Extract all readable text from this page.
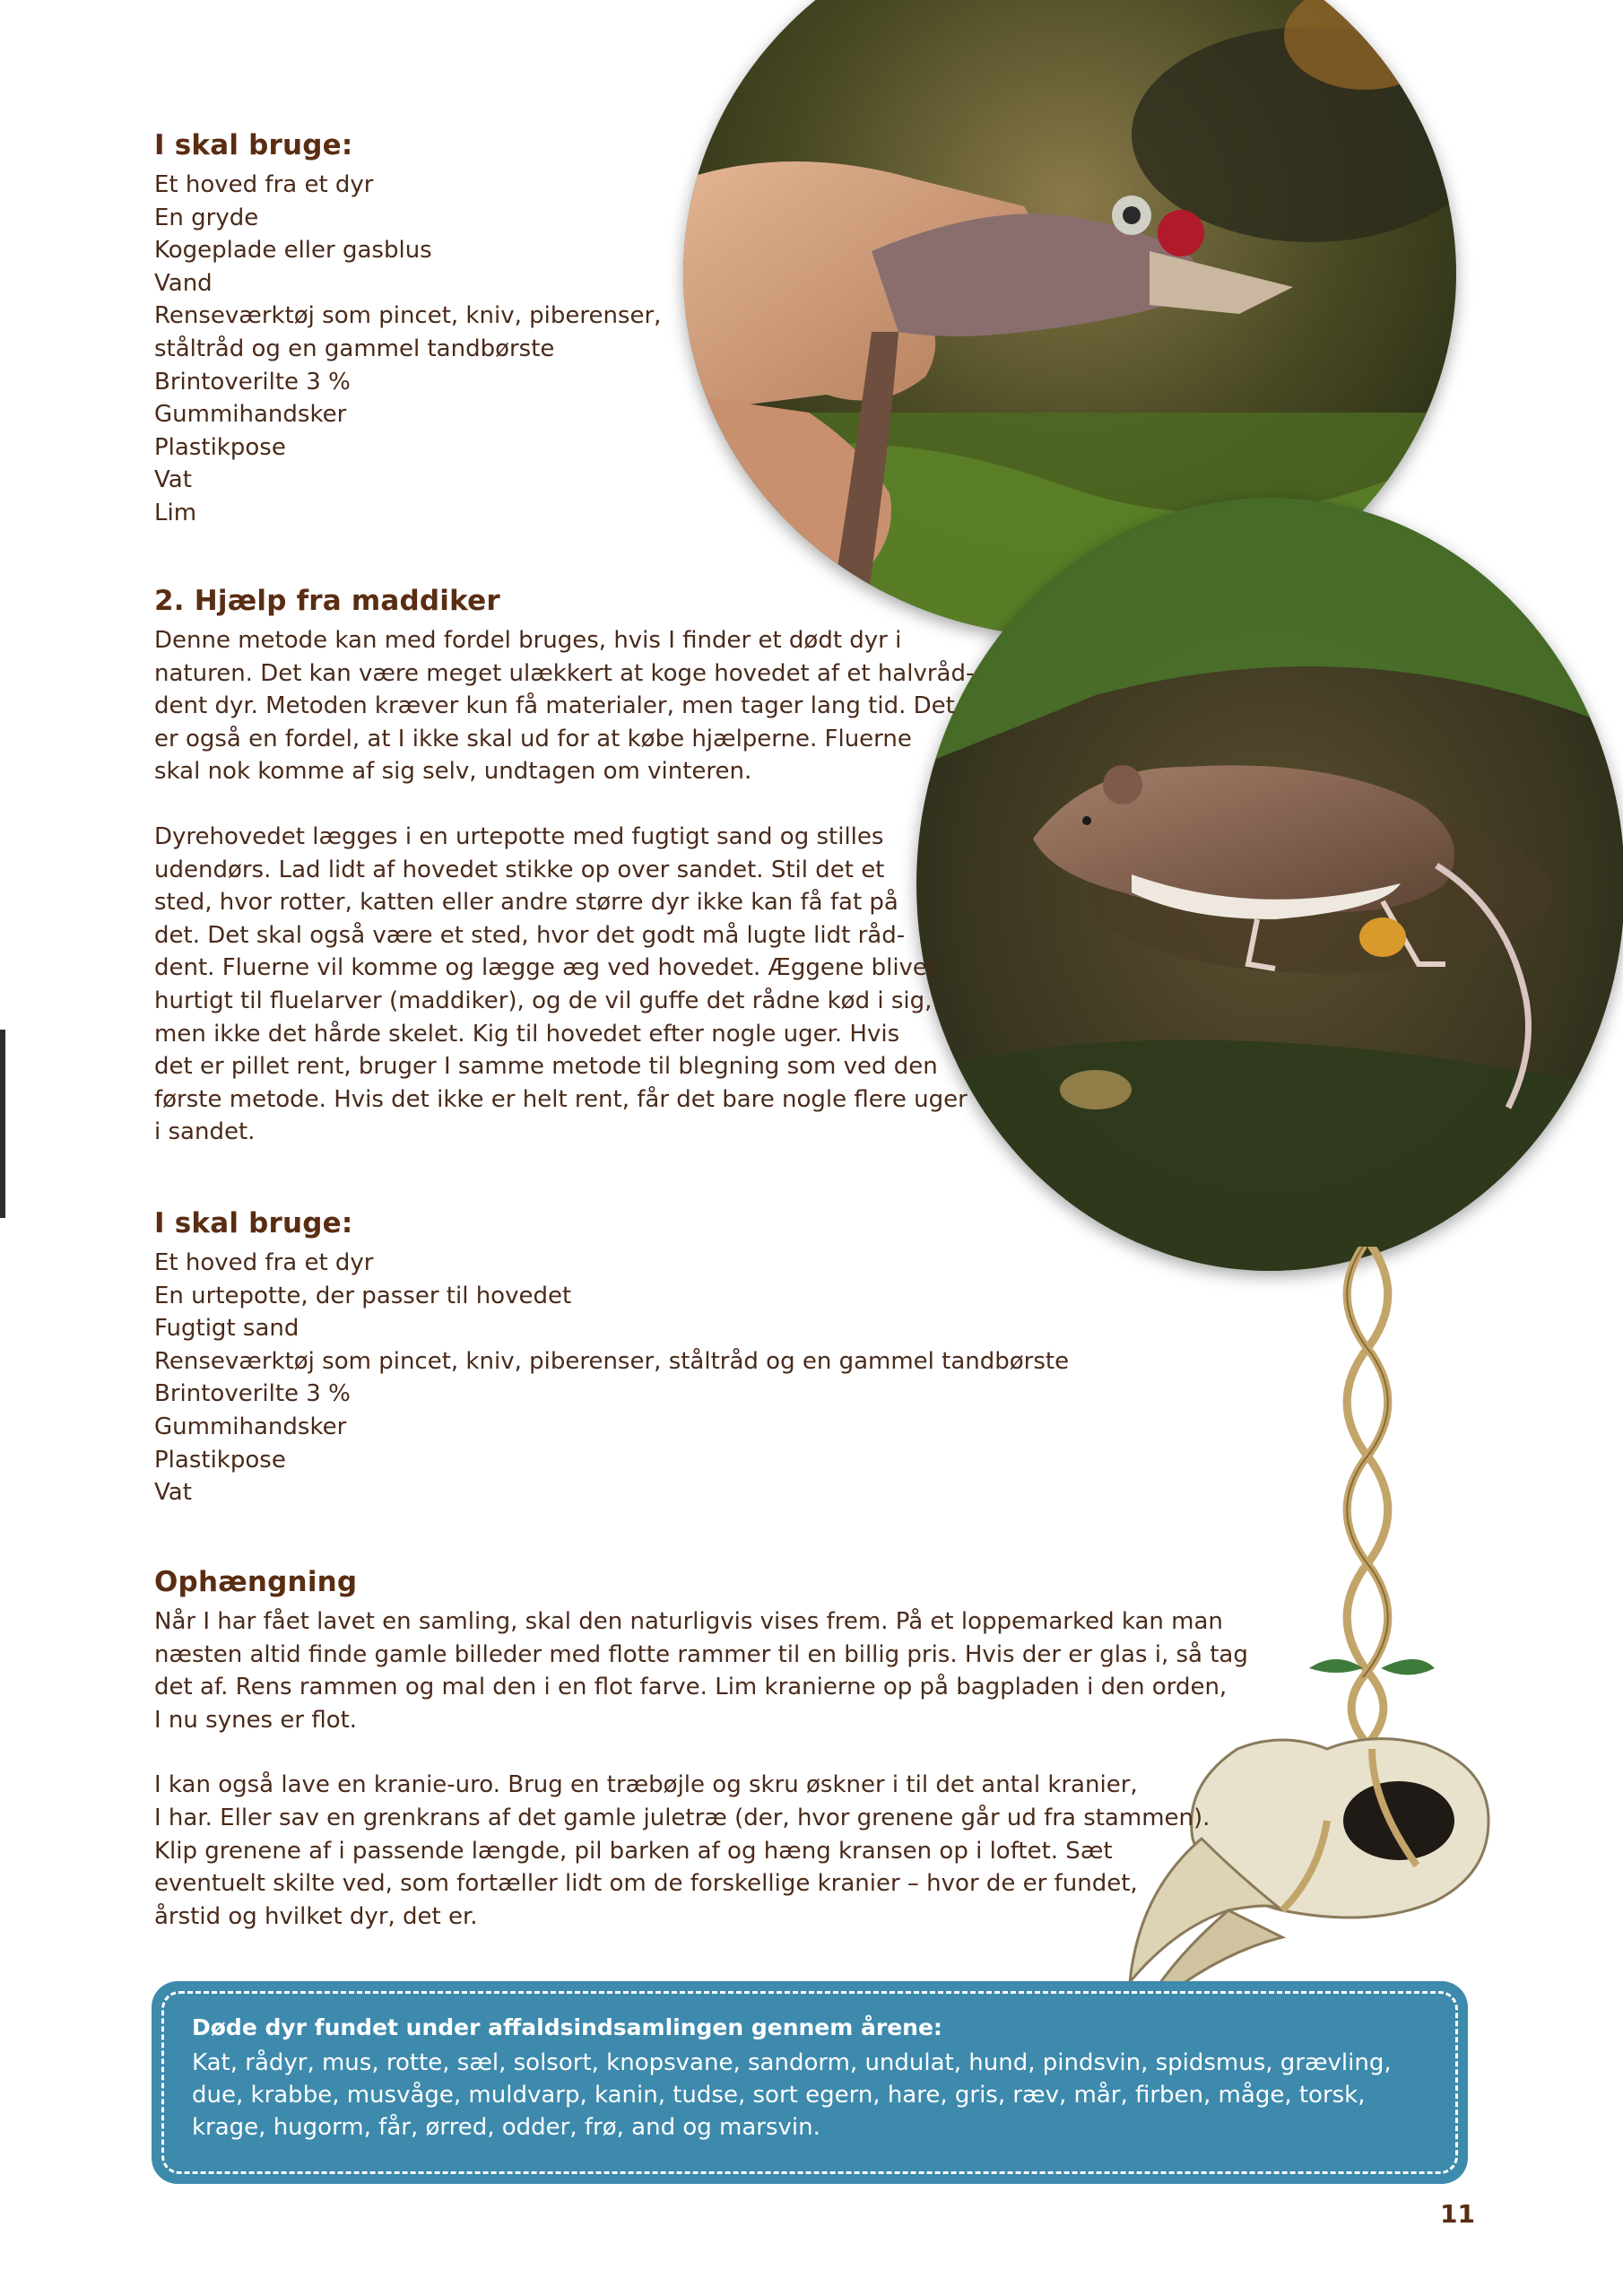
I skal bruge:
Et hoved fra et dyr
En gryde
Kogeplade eller gasblus
Vand
Renseværktøj som pincet, kniv, piberenser,
ståltråd og en gammel tandbørste
Brintoverilte 3 %
Gummihandsker
Plastikpose
Vat
Lim
2. Hjælp fra maddiker
Denne metode kan med fordel bruges, hvis I finder et dødt dyr i
naturen. Det kan være meget ulækkert at koge hovedet af et halvråd-
dent dyr. Metoden kræver kun få materialer, men tager lang tid. Det
er også en fordel, at I ikke skal ud for at købe hjælperne. Fluerne
skal nok komme af sig selv, undtagen om vinteren.
Dyrehovedet lægges i en urtepotte med fugtigt sand og stilles
udendørs. Lad lidt af hovedet stikke op over sandet. Stil det et
sted, hvor rotter, katten eller andre større dyr ikke kan få fat på
det. Det skal også være et sted, hvor det godt må lugte lidt råd-
dent. Fluerne vil komme og lægge æg ved hovedet. Æggene bliver
hurtigt til fluelarver (maddiker), og de vil guffe det rådne kød i sig,
men ikke det hårde skelet. Kig til hovedet efter nogle uger. Hvis
det er pillet rent, bruger I samme metode til blegning som ved den
første metode. Hvis det ikke er helt rent, får det bare nogle flere uger
i sandet.
I skal bruge:
Et hoved fra et dyr
En urtepotte, der passer til hovedet
Fugtigt sand
Renseværktøj som pincet, kniv, piberenser, ståltråd og en gammel tandbørste
Brintoverilte 3 %
Gummihandsker
Plastikpose
Vat
Ophængning
Når I har fået lavet en samling, skal den naturligvis vises frem. På et loppemarked kan man
næsten altid finde gamle billeder med flotte rammer til en billig pris. Hvis der er glas i, så tag
det af. Rens rammen og mal den i en flot farve. Lim kranierne op på bagpladen i den orden,
I nu synes er flot.
I kan også lave en kranie-uro. Brug en træbøjle og skru øskner i til det antal kranier,
I har. Eller sav en grenkrans af det gamle juletræ (der, hvor grenene går ud fra stammen).
Klip grenene af i passende længde, pil barken af og hæng kransen op i loftet. Sæt
eventuelt skilte ved, som fortæller lidt om de forskellige kranier – hvor de er fundet,
årstid og hvilket dyr, det er.
Døde dyr fundet under affaldsindsamlingen gennem årene:
Kat, rådyr, mus, rotte, sæl, solsort, knopsvane, sandorm, undulat, hund, pindsvin, spidsmus, grævling, due, krabbe, musvåge, muldvarp, kanin, tudse, sort egern, hare, gris, ræv, mår, firben, måge, torsk, krage, hugorm, får, ørred, odder, frø, and og marsvin.
11
